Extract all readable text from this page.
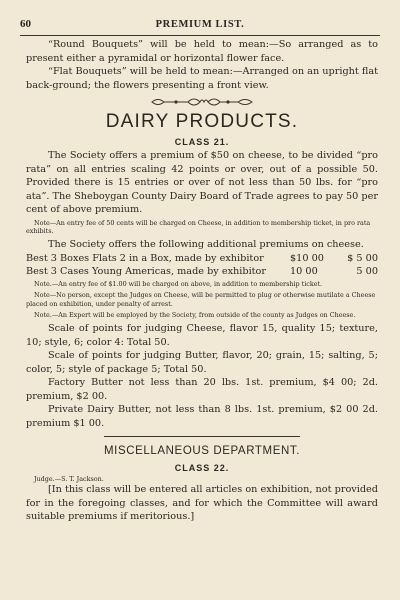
60	PREMIUM LIST.

“Round Bouquets” will be held to mean:—So arranged as to present either a pyramidal or horizontal flower face.

“Flat Bouquets” will be held to mean:—Arranged on an upright flat back-ground; the flowers presenting a front view.

DAIRY PRODUCTS.
CLASS 21.

The Society offers a premium of $50 on cheese, to be divided “pro rata” on all entries scaling 42 points or over, out of a possible 50. Provided there is 15 entries or over of not less than 50 lbs. for “pro ata”. The Sheboygan County Dairy Board of Trade agrees to pay 50 per cent of above premium.

Note—An entry fee of 50 cents will be charged on Cheese, in addition to membership ticket, in pro rata exhibits.

The Society offers the following additional premiums on cheese.

Best 3 Boxes Flats 2 in a Box, made by exhibitor	$10 00	$ 5 00
Best 3 Cases Young Americas, made by exhibitor	10 00	5 00

Note.—An entry fee of $1.00 will be charged on above, in addition to membership ticket.

Note—No person, except the Judges on Cheese, will be permitted to plug or otherwise mutilate a Cheese placed on exhibition, under penalty of arrest.

Note.—An Expert will be employed by the Society, from outside of the county as Judges on Cheese.

Scale of points for judging Cheese, flavor 15, quality 15; texture, 10; style, 6; color 4: Total 50.

Scale of points for judging Butter, flavor, 20; grain, 15; salting, 5; color, 5; style of package 5; Total 50.

Factory Butter not less than 20 lbs. 1st. premium, $4 00; 2d. premium, $2 00.

Private Dairy Butter, not less than 8 lbs. 1st. premium, $2 00 2d. premium $1 00.

MISCELLANEOUS DEPARTMENT.
CLASS 22.

Judge.—S. T. Jackson.

[In this class will be entered all articles on exhibition, not provided for in the foregoing classes, and for which the Committee will award suitable premiums if meritorious.]
